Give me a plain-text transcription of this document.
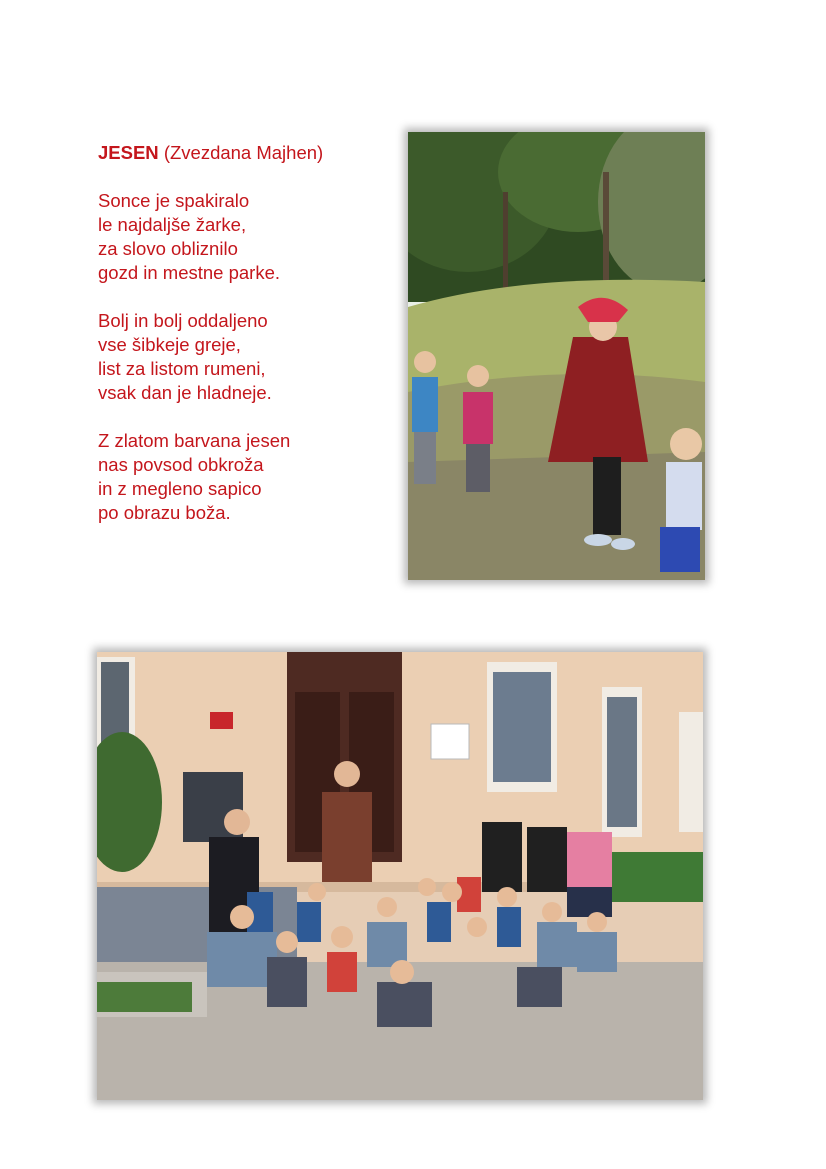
JESEN (Zvezdana Majhen)
Sonce je spakiralo
le najdaljše žarke,
za slovo obliznilo
gozd in mestne parke.
Bolj in bolj oddaljeno
vse šibkeje greje,
list za listom rumeni,
vsak dan je hladneje.
Z zlatom barvana jesen
nas povsod obkroža
in z megleno sapico
po obrazu boža.
